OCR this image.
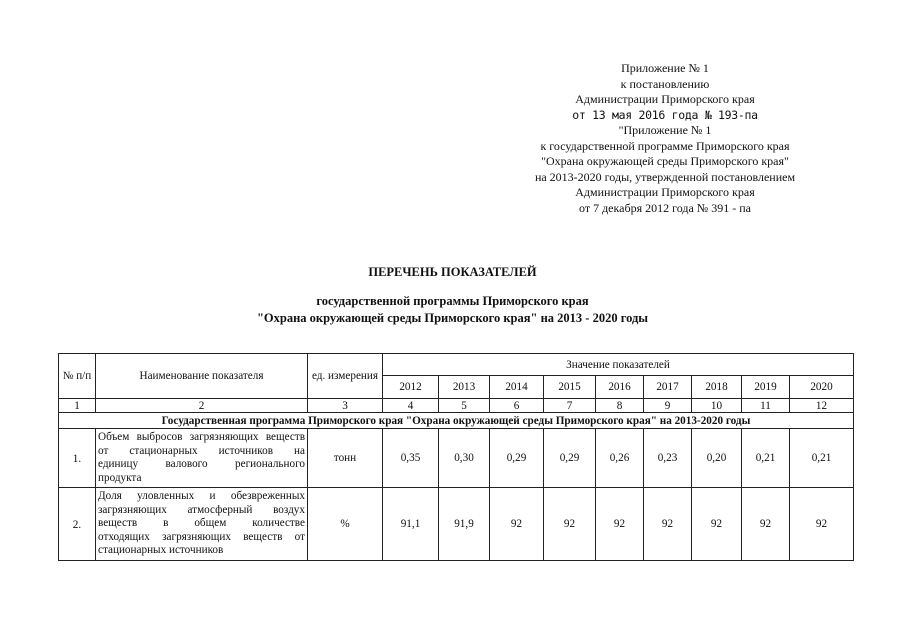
Приложение № 1
к постановлению
Администрации Приморского края
от 13 мая 2016 года № 193-па
"Приложение № 1
к государственной программе Приморского края
"Охрана окружающей среды Приморского края"
на 2013-2020 годы, утвержденной постановлением
Администрации Приморского края
от 7 декабря 2012 года № 391 - па
ПЕРЕЧЕНЬ ПОКАЗАТЕЛЕЙ
государственной программы Приморского края
"Охрана окружающей среды Приморского края" на 2013 - 2020 годы
№ п/п	Наименование показателя	ед. измерения	Значение показателей								
			2012	2013	2014	2015	2016	2017	2018	2019	2020
1	2	3	4	5	6	7	8	9	10	11	12
Государственная программа Приморского края "Охрана окружающей среды Приморского края" на 2013-2020 годы											
1.	Объем выбросов загрязняющих веществ
от стационарных источников на
единицу валового регионального
продукта	тонн	0,35	0,30	0,29	0,29	0,26	0,23	0,20	0,21	0,21
2.	Доля уловленных и обезвреженных
загрязняющих атмосферный воздух
веществ в общем количестве
отходящих загрязняющих веществ от
стационарных источников	%	91,1	91,9	92	92	92	92	92	92	92
